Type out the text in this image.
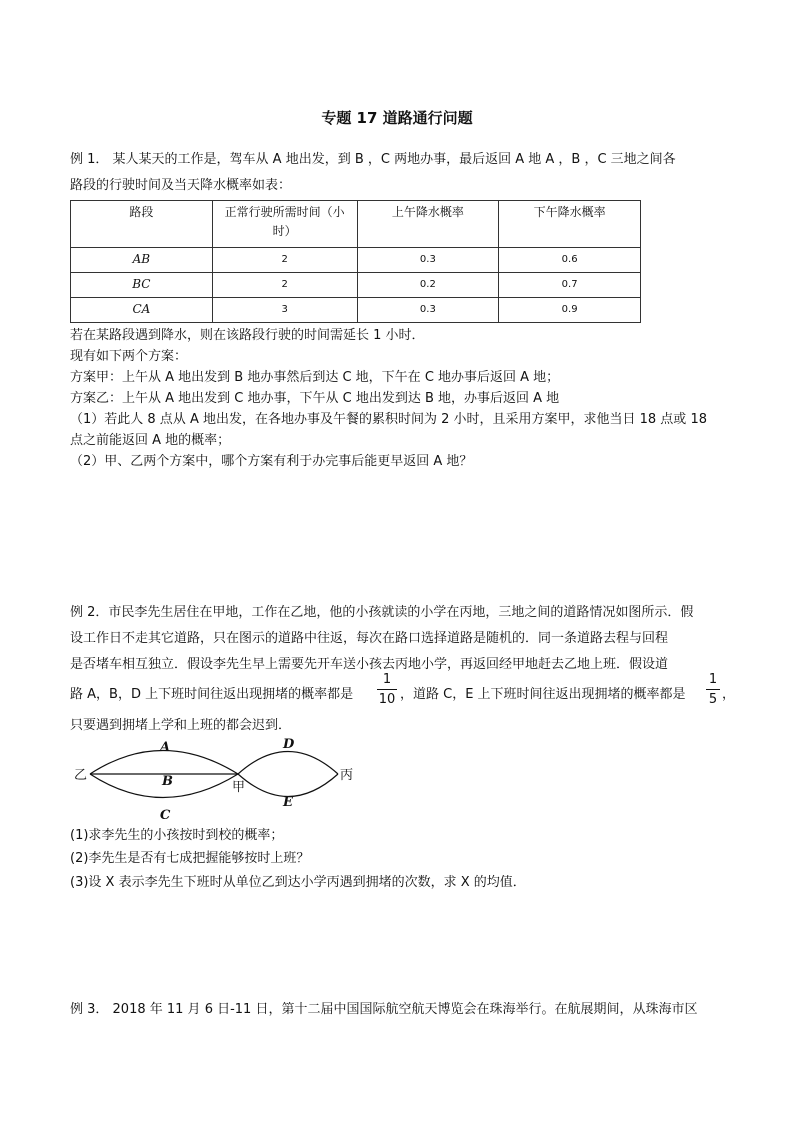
专题 17 道路通行问题
例 1． 某人某天的工作是，驾车从 A 地出发，到 B ，C 两地办事，最后返回 A 地 A ，B ，C 三地之间各
路段的行驶时间及当天降水概率如表：
路段	正常行驶所需时间（小时）	上午降水概率	下午降水概率
AB	2	0.3	0.6
BC	2	0.2	0.7
CA	3	0.3	0.9
若在某路段遇到降水，则在该路段行驶的时间需延长 1 小时．
现有如下两个方案：
方案甲：上午从 A 地出发到 B 地办事然后到达 C 地，下午在 C 地办事后返回 A 地；
方案乙：上午从 A 地出发到 C 地办事，下午从 C 地出发到达 B 地，办事后返回 A 地
（1）若此人 8 点从 A 地出发，在各地办事及午餐的累积时间为 2 小时，且采用方案甲，求他当日 18 点或 18
点之前能返回 A 地的概率；
（2）甲、乙两个方案中，哪个方案有利于办完事后能更早返回 A 地？
例 2．市民李先生居住在甲地，工作在乙地，他的小孩就读的小学在丙地，三地之间的道路情况如图所示．假
设工作日不走其它道路，只在图示的道路中往返，每次在路口选择道路是随机的．同一条道路去程与回程
是否堵车相互独立．假设李先生早上需要先开车送小孩去丙地小学，再返回经甲地赶去乙地上班．假设道
路 A，B，D 上下班时间往返出现拥堵的概率都是
1
10 ，道路 C，E 上下班时间往返出现拥堵的概率都是
1
5 ，
只要遇到拥堵上学和上班的都会迟到．
乙
甲
丙
A
B
C
D
E
(1)求李先生的小孩按时到校的概率；
(2)李先生是否有七成把握能够按时上班？
(3)设 X 表示李先生下班时从单位乙到达小学丙遇到拥堵的次数，求 X 的均值．
例 3． 2018 年 11 月 6 日-11 日，第十二届中国国际航空航天博览会在珠海举行。在航展期间，从珠海市区
